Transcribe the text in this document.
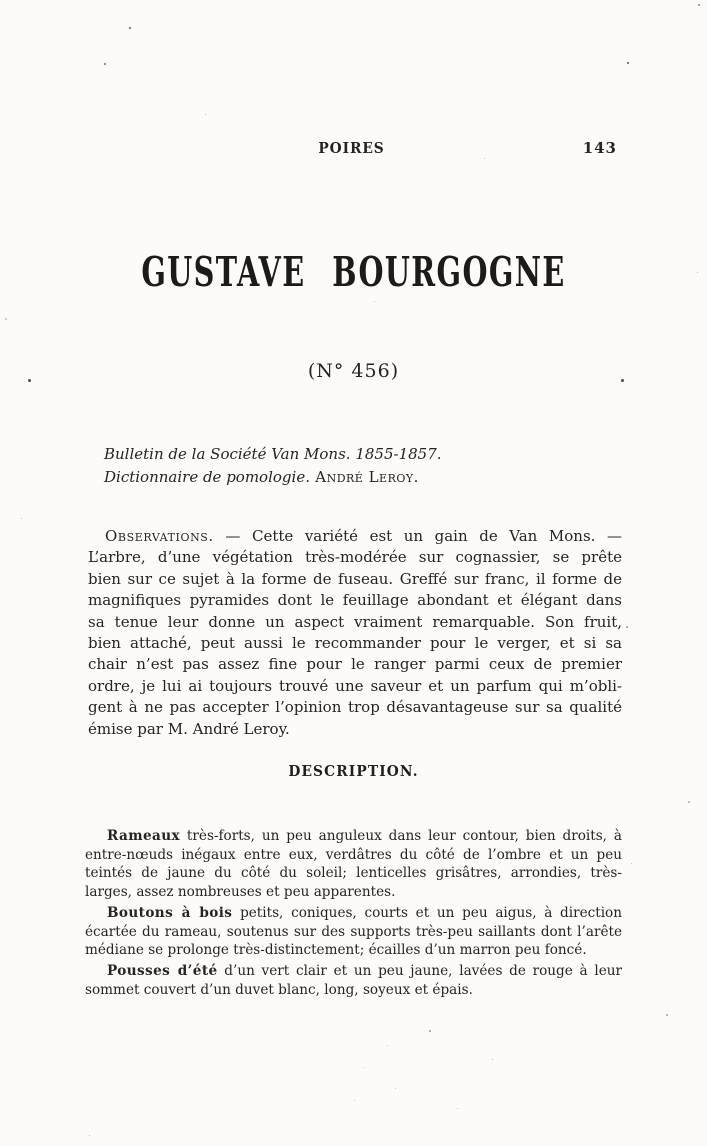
POIRES	143
GUSTAVE BOURGOGNE
(N° 456)
Bulletin de la Société Van Mons. 1855-1857.
Dictionnaire de pomologie. André Leroy.
Observations. — Cette variété est un gain de Van Mons. —
L’arbre, d’une végétation très-modérée sur cognassier, se prête
bien sur ce sujet à la forme de fuseau. Greffé sur franc, il forme de
magnifiques pyramides dont le feuillage abondant et élégant dans
sa tenue leur donne un aspect vraiment remarquable. Son fruit,
bien attaché, peut aussi le recommander pour le verger, et si sa
chair n’est pas assez fine pour le ranger parmi ceux de premier
ordre, je lui ai toujours trouvé une saveur et un parfum qui m’obli-
gent à ne pas accepter l’opinion trop désavantageuse sur sa qualité
émise par M. André Leroy.
DESCRIPTION.
Rameaux très-forts, un peu anguleux dans leur contour, bien droits, à
entre-nœuds inégaux entre eux, verdâtres du côté de l’ombre et un peu
teintés de jaune du côté du soleil; lenticelles grisâtres, arrondies, très-
larges, assez nombreuses et peu apparentes.
Boutons à bois petits, coniques, courts et un peu aigus, à direction
écartée du rameau, soutenus sur des supports très-peu saillants dont l’arête
médiane se prolonge très-distinctement; écailles d’un marron peu foncé.
Pousses d’été d’un vert clair et un peu jaune, lavées de rouge à leur
sommet couvert d’un duvet blanc, long, soyeux et épais.
